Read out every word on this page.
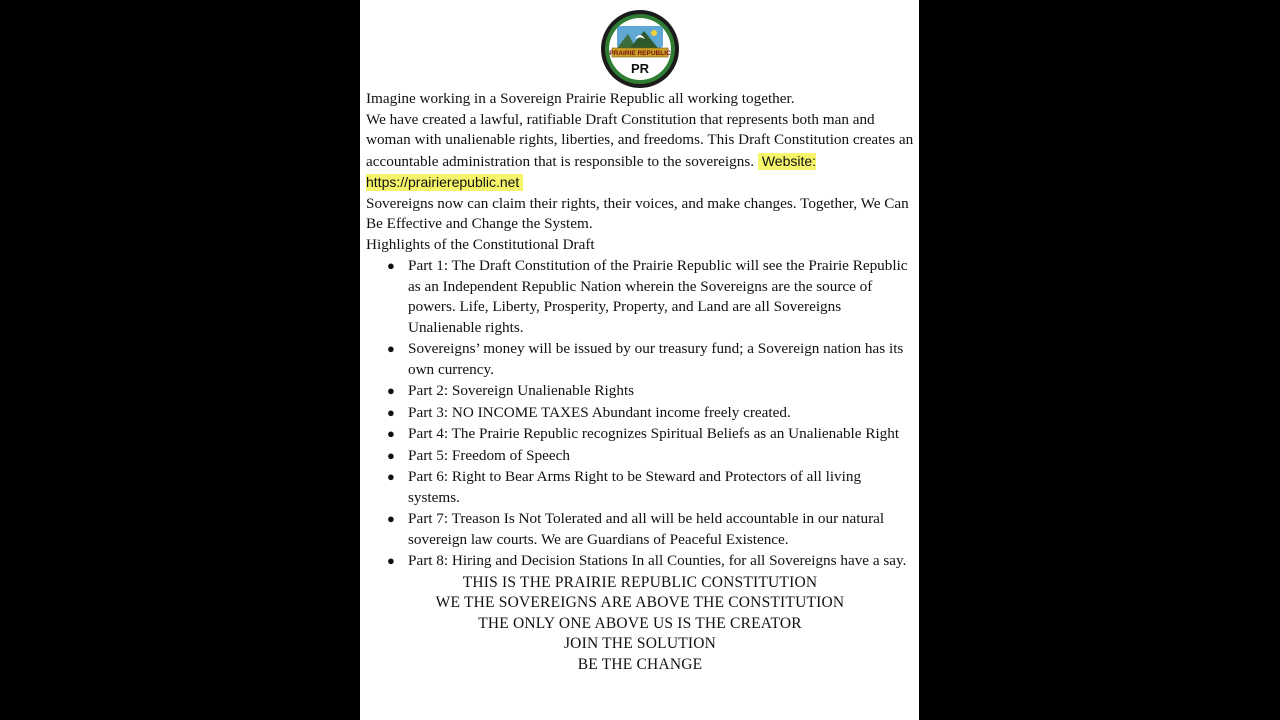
PRAIRIE REPUBLIC
PR

Imagine working in a Sovereign Prairie Republic all working together.

We have created a lawful, ratifiable Draft Constitution that represents both man and woman with unalienable rights, liberties, and freedoms. This Draft Constitution creates an accountable administration that is responsible to the sovereigns. Website: https://prairierepublic.net

Sovereigns now can claim their rights, their voices, and make changes. Together, We Can Be Effective and Change the System.

Highlights of the Constitutional Draft

● Part 1: The Draft Constitution of the Prairie Republic will see the Prairie Republic as an Independent Republic Nation wherein the Sovereigns are the source of powers. Life, Liberty, Prosperity, Property, and Land are all Sovereigns Unalienable rights.
● Sovereigns’ money will be issued by our treasury fund; a Sovereign nation has its own currency.
● Part 2: Sovereign Unalienable Rights
● Part 3: NO INCOME TAXES Abundant income freely created.
● Part 4: The Prairie Republic recognizes Spiritual Beliefs as an Unalienable Right
● Part 5: Freedom of Speech
● Part 6: Right to Bear Arms Right to be Steward and Protectors of all living systems.
● Part 7: Treason Is Not Tolerated and all will be held accountable in our natural sovereign law courts. We are Guardians of Peaceful Existence.
● Part 8: Hiring and Decision Stations In all Counties, for all Sovereigns have a say.
THIS IS THE PRAIRIE REPUBLIC CONSTITUTION
WE THE SOVEREIGNS ARE ABOVE THE CONSTITUTION
THE ONLY ONE ABOVE US IS THE CREATOR
JOIN THE SOLUTION
BE THE CHANGE
